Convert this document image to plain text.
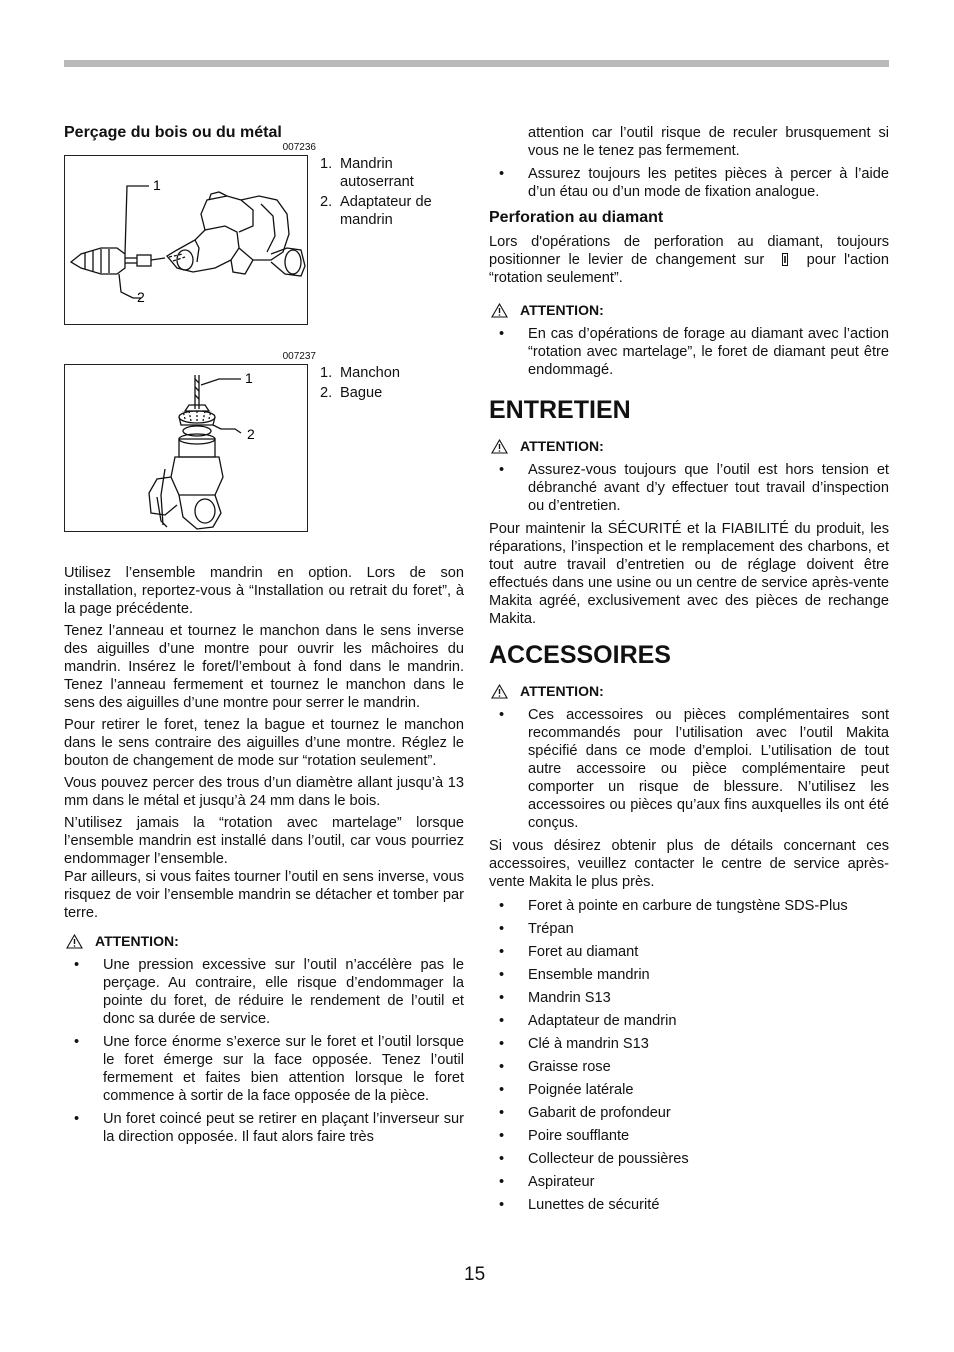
Perçage du bois ou du métal
007236
1
2
1. Mandrin autoserrant
2. Adaptateur de mandrin
007237
1
2
1. Manchon
2. Bague

Utilisez l’ensemble mandrin en option. Lors de son installation, reportez-vous à “Installation ou retrait du foret”, à la page précédente.

Tenez l’anneau et tournez le manchon dans le sens inverse des aiguilles d’une montre pour ouvrir les mâchoires du mandrin. Insérez le foret/l’embout à fond dans le mandrin. Tenez l’anneau fermement et tournez le manchon dans le sens des aiguilles d’une montre pour serrer le mandrin.

Pour retirer le foret, tenez la bague et tournez le manchon dans le sens contraire des aiguilles d’une montre. Réglez le bouton de changement de mode sur “rotation seulement”.

Vous pouvez percer des trous d’un diamètre allant jusqu’à 13 mm dans le métal et jusqu’à 24 mm dans le bois.

N’utilisez jamais la “rotation avec martelage” lorsque l’ensemble mandrin est installé dans l’outil, car vous pourriez endommager l’ensemble.

Par ailleurs, si vous faites tourner l’outil en sens inverse, vous risquez de voir l’ensemble mandrin se détacher et tomber par terre.

ATTENTION:
• Une pression excessive sur l’outil n’accélère pas le perçage. Au contraire, elle risque d’endommager la pointe du foret, de réduire le rendement de l’outil et donc sa durée de service.
• Une force énorme s’exerce sur le foret et l’outil lorsque le foret émerge sur la face opposée. Tenez l’outil fermement et faites bien attention lorsque le foret commence à sortir de la face opposée de la pièce.
• Un foret coincé peut se retirer en plaçant l’inverseur sur la direction opposée. Il faut alors faire très
attention car l’outil risque de reculer brusquement si vous ne le tenez pas fermement.
• Assurez toujours les petites pièces à percer à l’aide d’un étau ou d’un mode de fixation analogue.
Perforation au diamant

Lors d'opérations de perforation au diamant, toujours positionner le levier de changement sur	pour l'action “rotation seulement”.

ATTENTION:
• En cas d’opérations de forage au diamant avec l’action “rotation avec martelage”, le foret de diamant peut être endommagé.
ENTRETIEN
ATTENTION:
• Assurez-vous toujours que l’outil est hors tension et débranché avant d’y effectuer tout travail d’inspection ou d’entretien.

Pour maintenir la SÉCURITÉ et la FIABILITÉ du produit, les réparations, l’inspection et le remplacement des charbons, et tout autre travail d’entretien ou de réglage doivent être effectués dans une usine ou un centre de service après-vente Makita agréé, exclusivement avec des pièces de rechange Makita.

ACCESSOIRES
ATTENTION:
• Ces accessoires ou pièces complémentaires sont recommandés pour l’utilisation avec l’outil Makita spécifié dans ce mode d’emploi. L’utilisation de tout autre accessoire ou pièce complémentaire peut comporter un risque de blessure. N’utilisez les accessoires ou pièces qu’aux fins auxquelles ils ont été conçus.

Si vous désirez obtenir plus de détails concernant ces accessoires, veuillez contacter le centre de service après-vente Makita le plus près.

• Foret à pointe en carbure de tungstène SDS-Plus
• Trépan
• Foret au diamant
• Ensemble mandrin
• Mandrin S13
• Adaptateur de mandrin
• Clé à mandrin S13
• Graisse rose
• Poignée latérale
• Gabarit de profondeur
• Poire soufflante
• Collecteur de poussières
• Aspirateur
• Lunettes de sécurité
15
